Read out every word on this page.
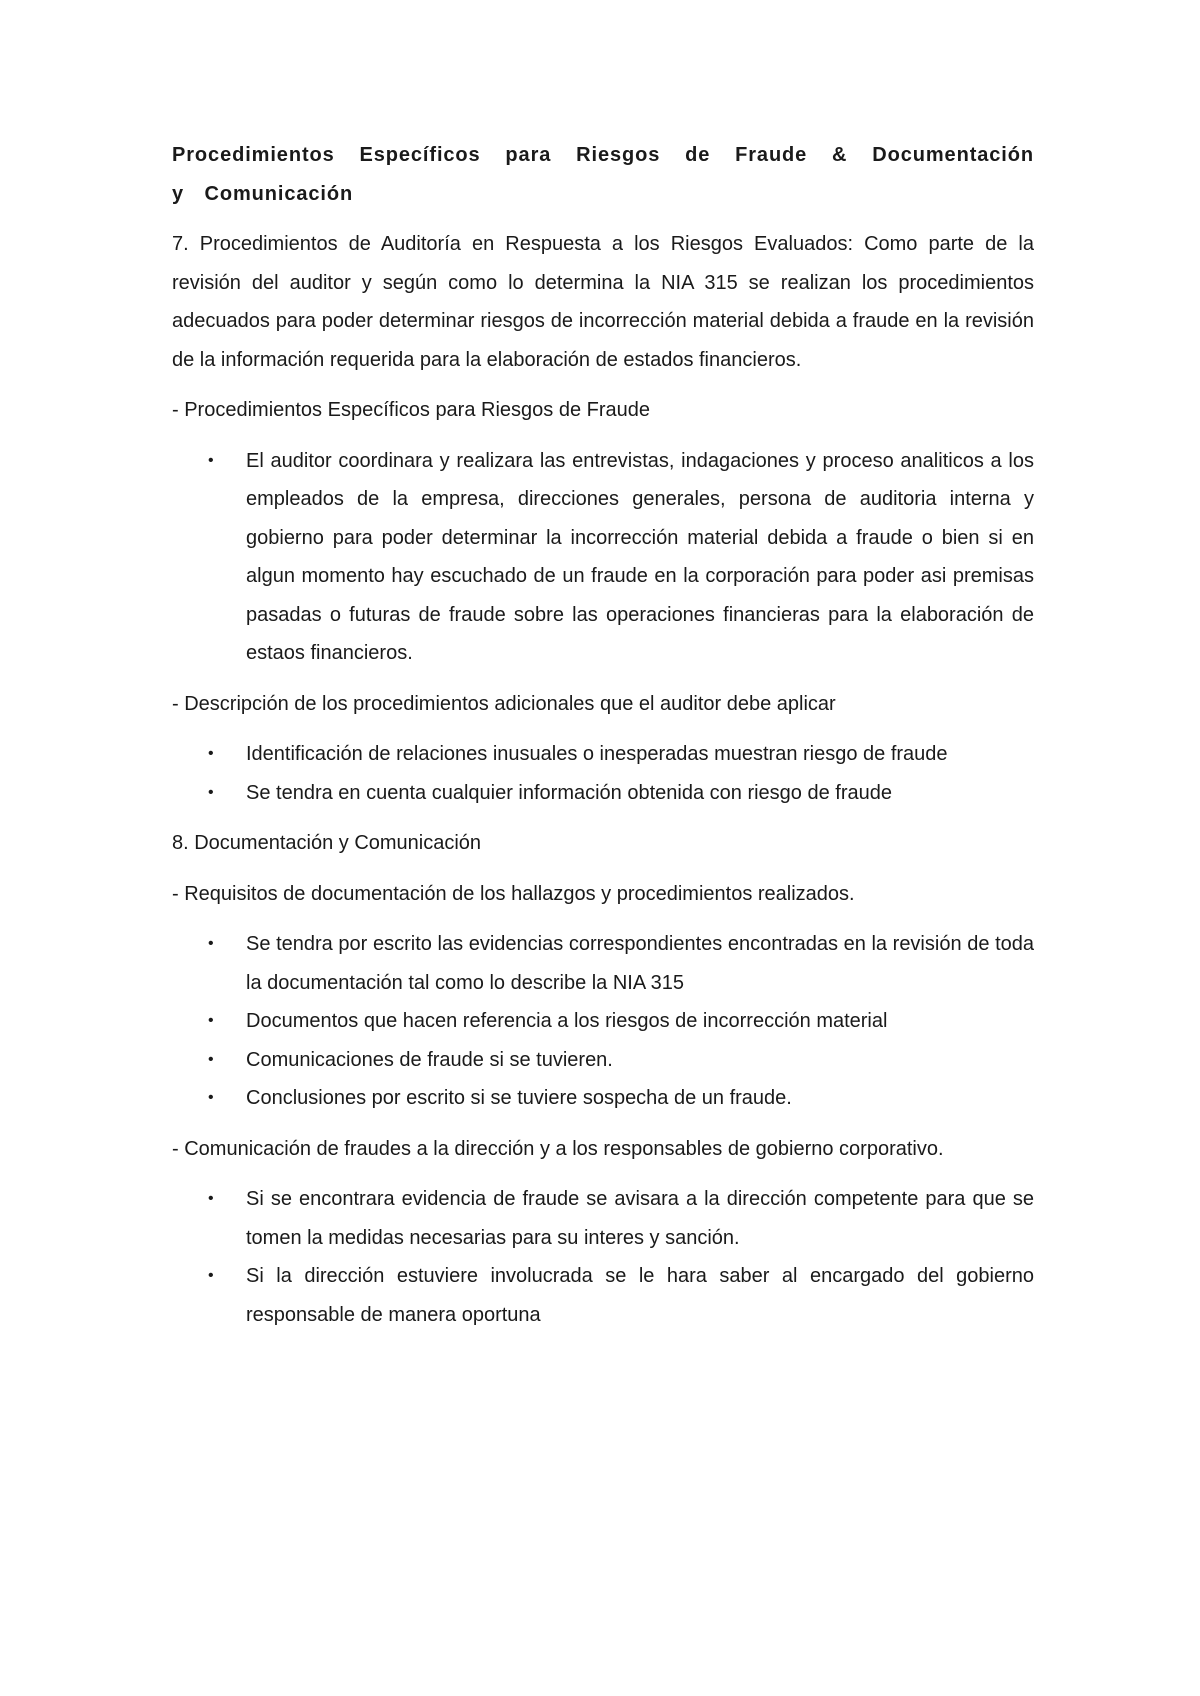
Procedimientos Específicos para Riesgos de Fraude & Documentación y Comunicación

7. Procedimientos de Auditoría en Respuesta a los Riesgos Evaluados: Como parte de la revisión del auditor y según como lo determina la NIA 315 se realizan los procedimientos adecuados para poder determinar riesgos de incorrección material debida a fraude en la revisión de la información requerida para la elaboración de estados financieros.

- Procedimientos Específicos para Riesgos de Fraude
• El auditor coordinara y realizara las entrevistas, indagaciones y proceso analiticos a los empleados de la empresa, direcciones generales, persona de auditoria interna y gobierno para poder determinar la incorrección material debida a fraude o bien si en algun momento hay escuchado de un fraude en la corporación para poder asi premisas pasadas o futuras de fraude sobre las operaciones financieras para la elaboración de estaos financieros.
- Descripción de los procedimientos adicionales que el auditor debe aplicar
• Identificación de relaciones inusuales o inesperadas muestran riesgo de fraude
• Se tendra en cuenta cualquier información obtenida con riesgo de fraude
8. Documentación y Comunicación
- Requisitos de documentación de los hallazgos y procedimientos realizados.
• Se tendra por escrito las evidencias correspondientes encontradas en la revisión de toda la documentación tal como lo describe la NIA 315
• Documentos que hacen referencia a los riesgos de incorrección material
• Comunicaciones de fraude si se tuvieren.
• Conclusiones por escrito si se tuviere sospecha de un fraude.
- Comunicación de fraudes a la dirección y a los responsables de gobierno corporativo.
• Si se encontrara evidencia de fraude se avisara a la dirección competente para que se tomen la medidas necesarias para su interes y sanción.
• Si la dirección estuviere involucrada se le hara saber al encargado del gobierno responsable de manera oportuna
